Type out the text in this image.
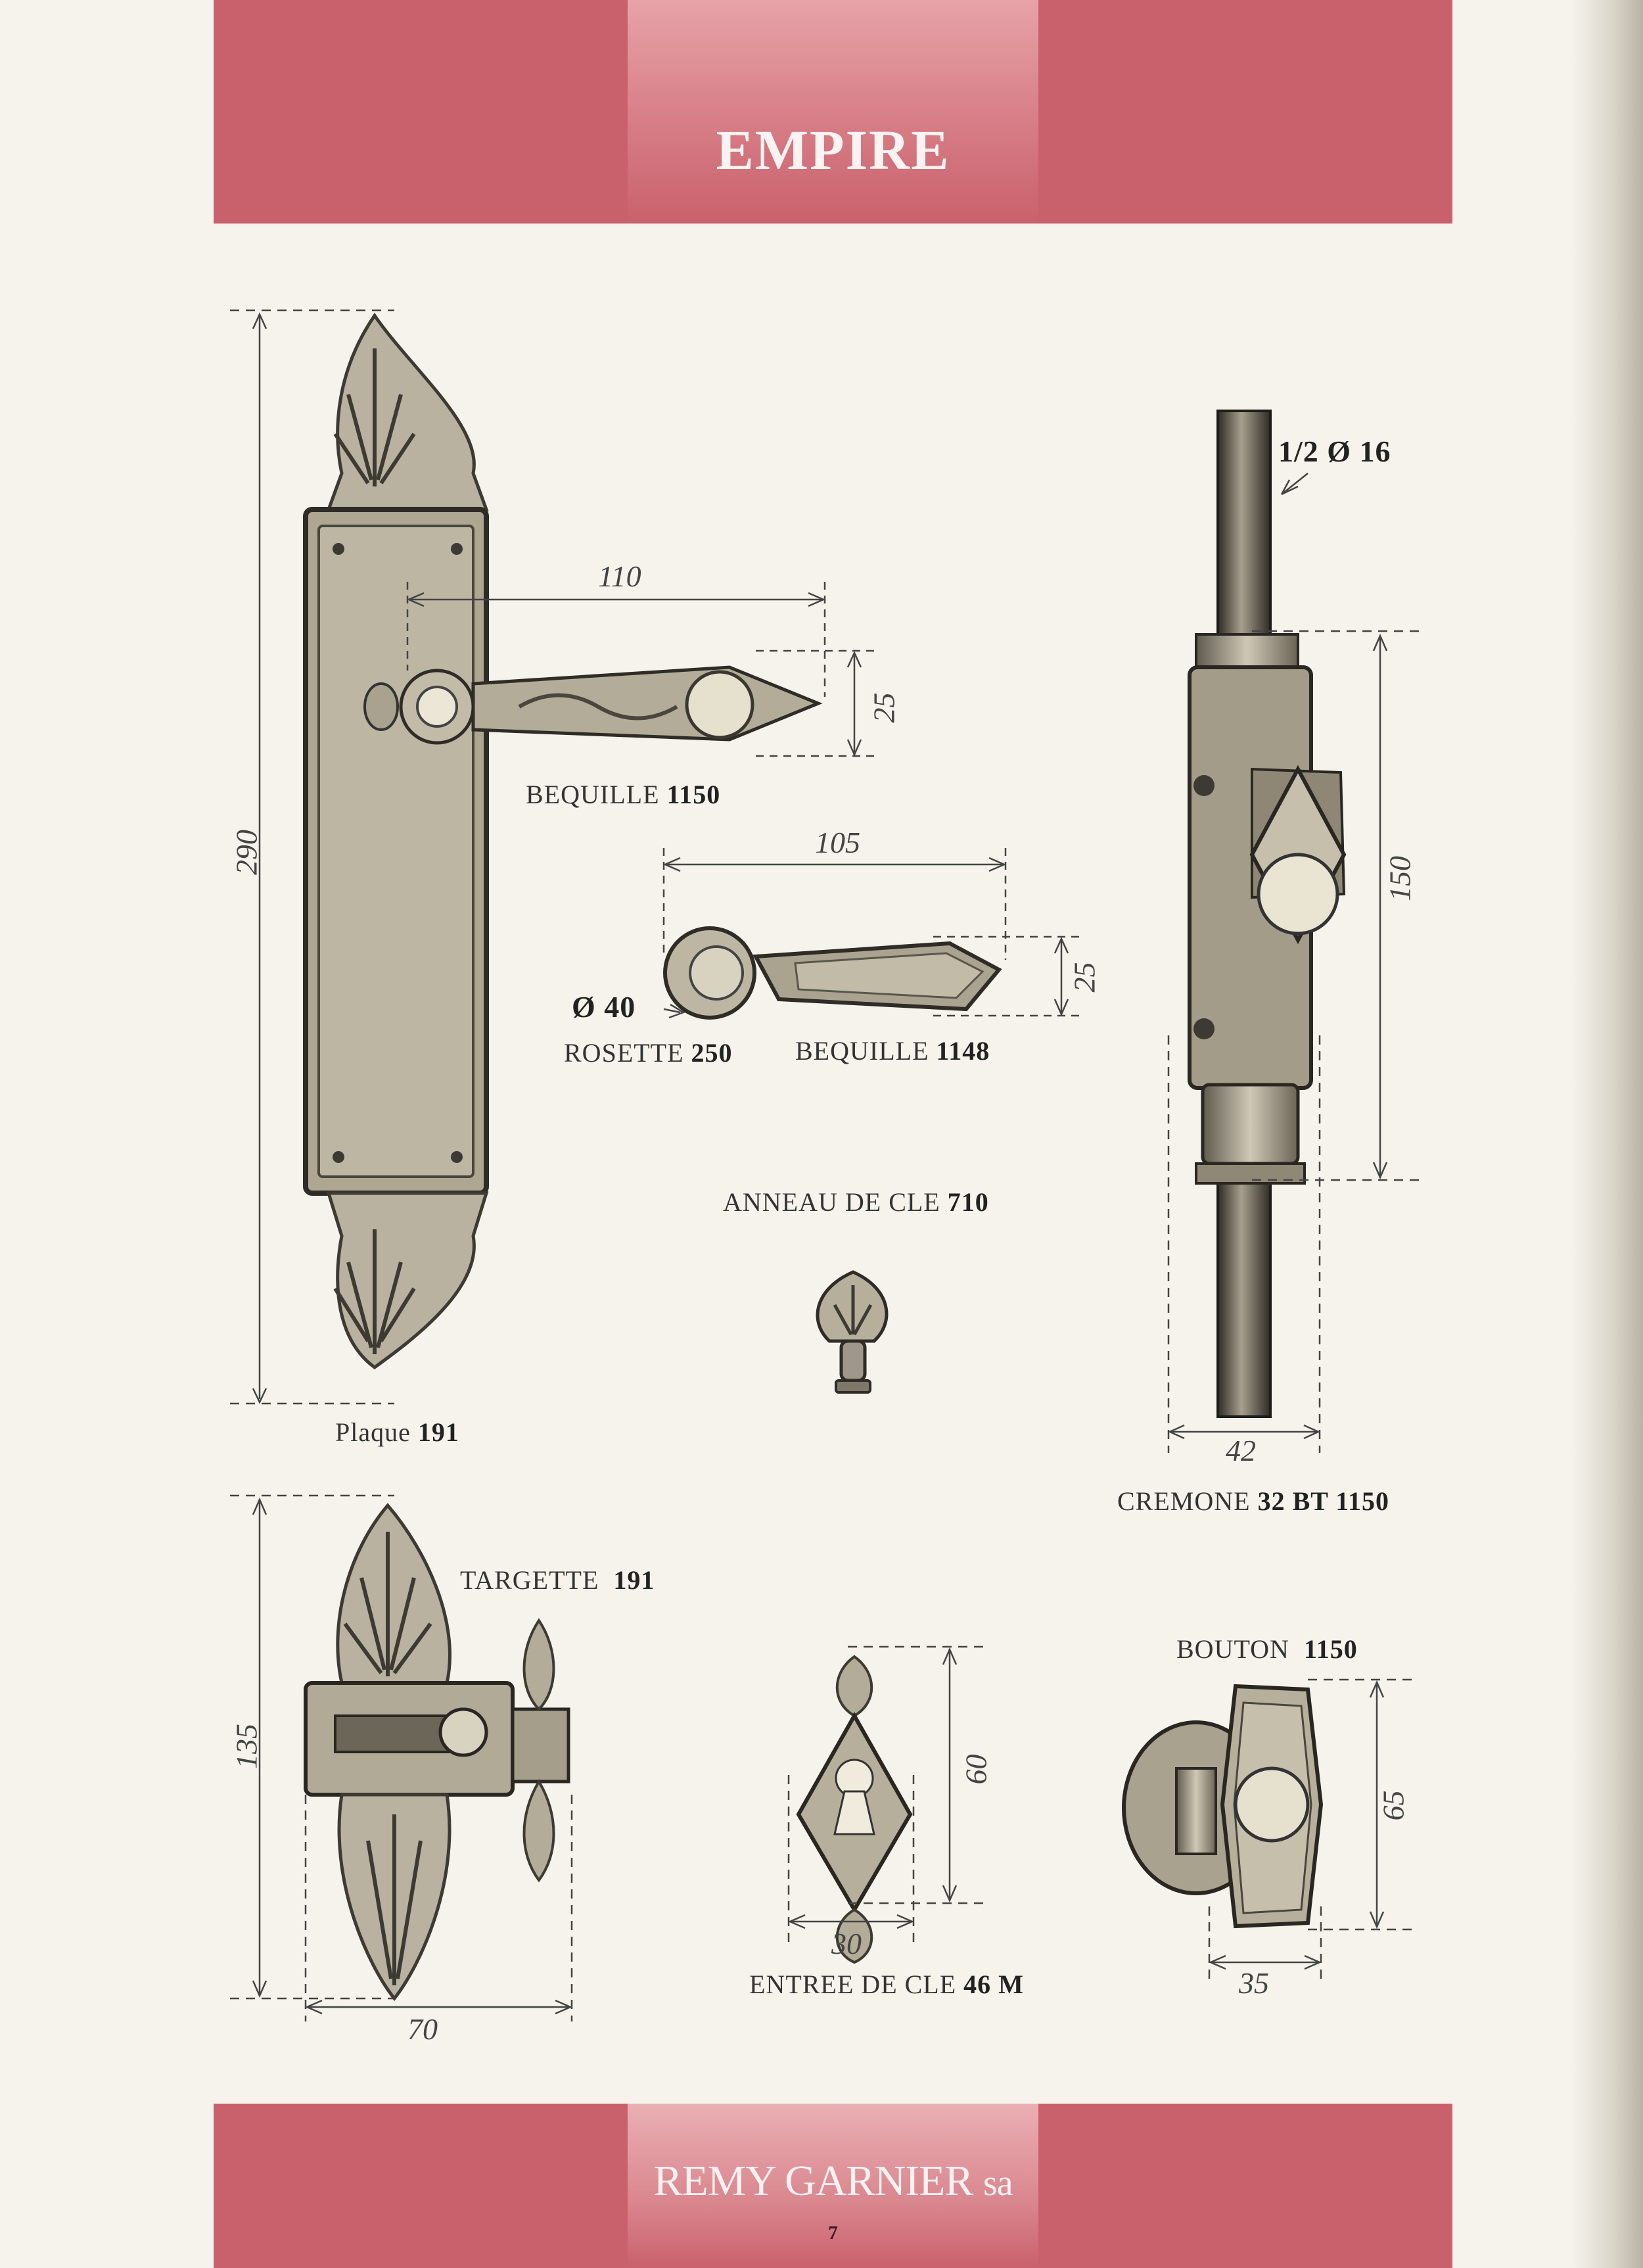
EMPIRE
290
110
25
105
25
150
42
135
70
60
30
65
35
Plaque 191
BEQUILLE 1150
Ø 40
ROSETTE 250 BEQUILLE 1148
ANNEAU DE CLE 710
1/2 Ø 16
CREMONE 32 BT 1150
TARGETTE 191
ENTREE DE CLE 46 M
BOUTON 1150
REMY GARNIER sa
7
